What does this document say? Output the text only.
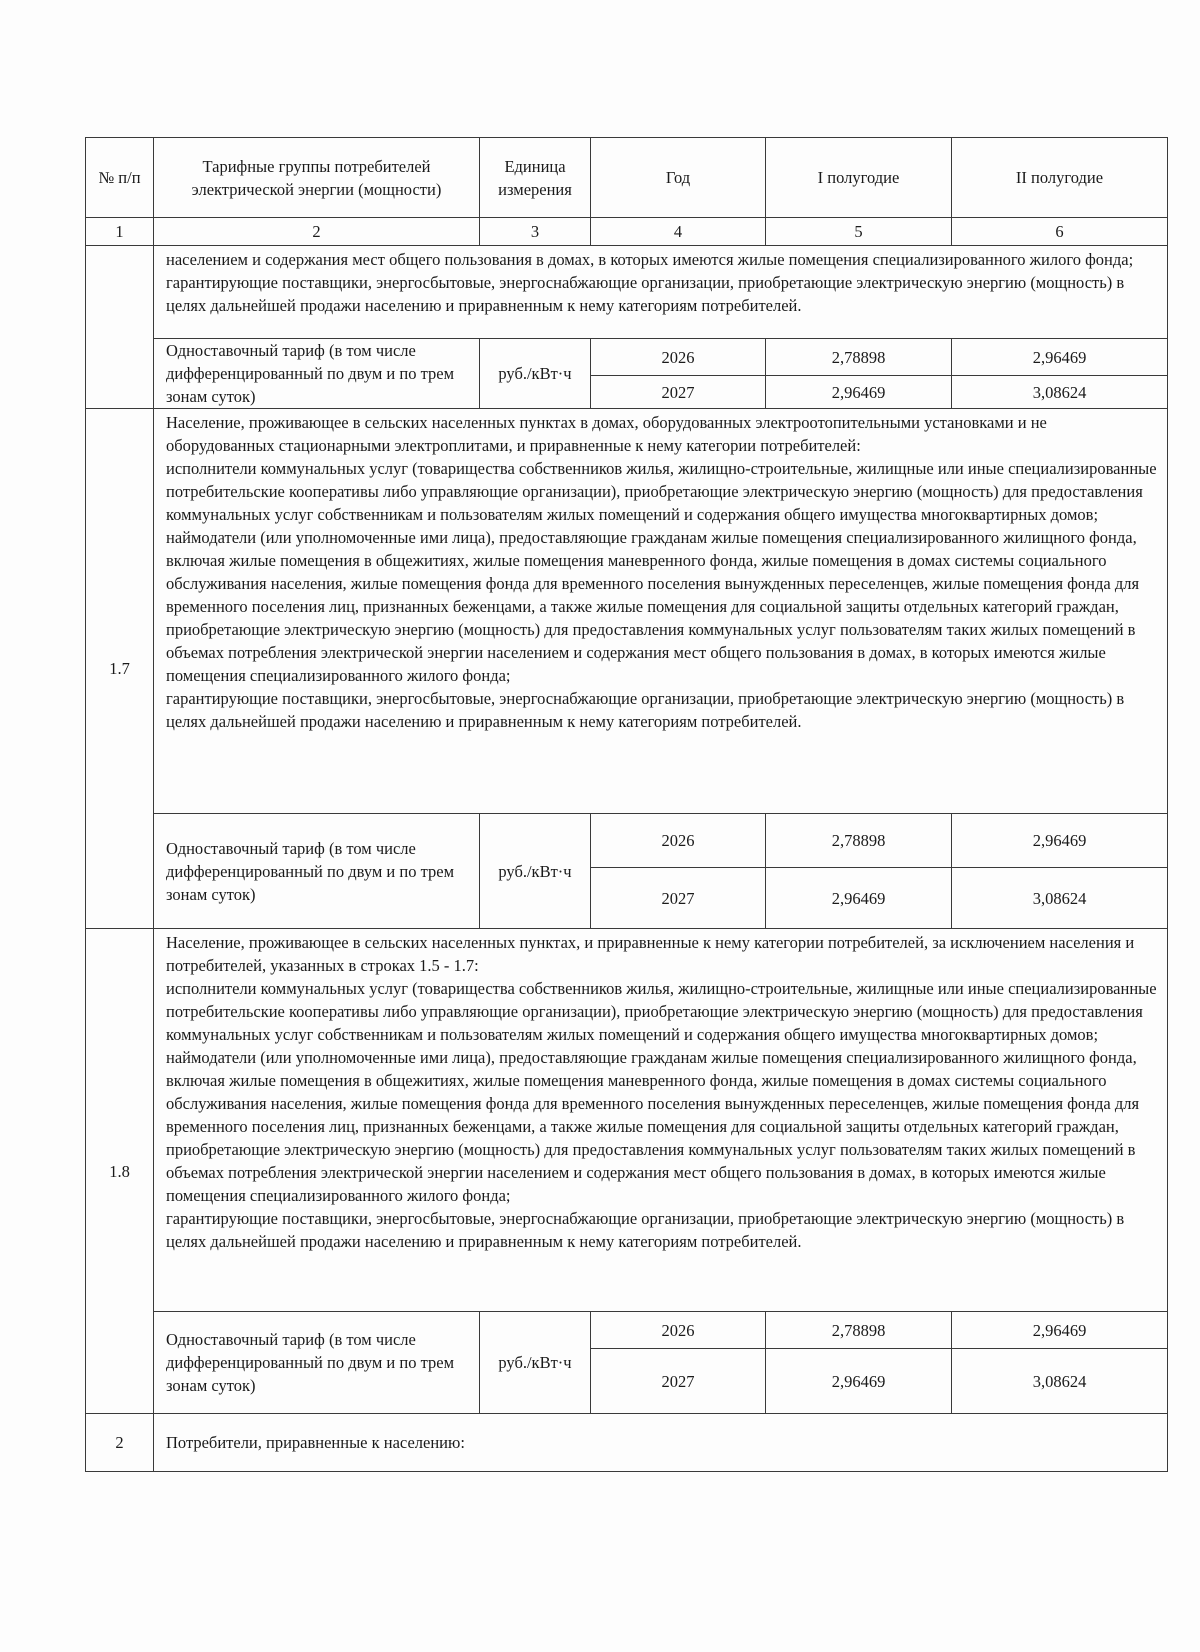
№ п/п	Тарифные группы потребителей электрической энергии (мощности)	Единица измерения	Год	I полугодие	II полугодие
1	2	3	4	5	6

	населением и содержания мест общего пользования в домах, в которых имеются жилые помещения специализированного жилого фонда;

гарантирующие поставщики, энергосбытовые, энергоснабжающие организации, приобретающие электрическую энергию (мощность) в целях дальнейшей продажи населению и приравненным к нему категориям потребителей.				

	Одноставочный тариф (в том числе дифференцированный по двум и по трем зонам суток)	руб./кВт·ч	2026	2,78898	2,96469
			2027	2,96469	3,08624
1.7	Население, проживающее в сельских населенных пунктах в домах, оборудованных электроотопительными установками и не оборудованных стационарными электроплитами, и приравненные к нему категории потребителей:

исполнители коммунальных услуг (товарищества собственников жилья, жилищно-строительные, жилищные или иные специализированные потребительские кооперативы либо управляющие организации), приобретающие электрическую энергию (мощность) для предоставления коммунальных услуг собственникам и пользователям жилых помещений и содержания общего имущества многоквартирных домов;

наймодатели (или уполномоченные ими лица), предоставляющие гражданам жилые помещения специализированного жилищного фонда, включая жилые помещения в общежитиях, жилые помещения маневренного фонда, жилые помещения в домах системы социального обслуживания населения, жилые помещения фонда для временного поселения вынужденных переселенцев, жилые помещения фонда для временного поселения лиц, признанных беженцами, а также жилые помещения для социальной защиты отдельных категорий граждан, приобретающие электрическую энергию (мощность) для предоставления коммунальных услуг пользователям таких жилых помещений в объемах потребления электрической энергии населением и содержания мест общего пользования в домах, в которых имеются жилые помещения специализированного жилого фонда;

гарантирующие поставщики, энергосбытовые, энергоснабжающие организации, приобретающие электрическую энергию (мощность) в целях дальнейшей продажи населению и приравненным к нему категориям потребителей.				

	Одноставочный тариф (в том числе дифференцированный по двум и по трем зонам суток)	руб./кВт·ч	2026	2,78898	2,96469
			2027	2,96469	3,08624
1.8	Население, проживающее в сельских населенных пунктах, и приравненные к нему категории потребителей, за исключением населения и потребителей, указанных в строках 1.5 - 1.7:

исполнители коммунальных услуг (товарищества собственников жилья, жилищно-строительные, жилищные или иные специализированные потребительские кооперативы либо управляющие организации), приобретающие электрическую энергию (мощность) для предоставления коммунальных услуг собственникам и пользователям жилых помещений и содержания общего имущества многоквартирных домов;

наймодатели (или уполномоченные ими лица), предоставляющие гражданам жилые помещения специализированного жилищного фонда, включая жилые помещения в общежитиях, жилые помещения маневренного фонда, жилые помещения в домах системы социального обслуживания населения, жилые помещения фонда для временного поселения вынужденных переселенцев, жилые помещения фонда для временного поселения лиц, признанных беженцами, а также жилые помещения для социальной защиты отдельных категорий граждан, приобретающие электрическую энергию (мощность) для предоставления коммунальных услуг пользователям таких жилых помещений в объемах потребления электрической энергии населением и содержания мест общего пользования в домах, в которых имеются жилые помещения специализированного жилого фонда;

гарантирующие поставщики, энергосбытовые, энергоснабжающие организации, приобретающие электрическую энергию (мощность) в целях дальнейшей продажи населению и приравненным к нему категориям потребителей.				

	Одноставочный тариф (в том числе дифференцированный по двум и по трем зонам суток)	руб./кВт·ч	2026	2,78898	2,96469
			2027	2,96469	3,08624
2	Потребители, приравненные к населению:				
